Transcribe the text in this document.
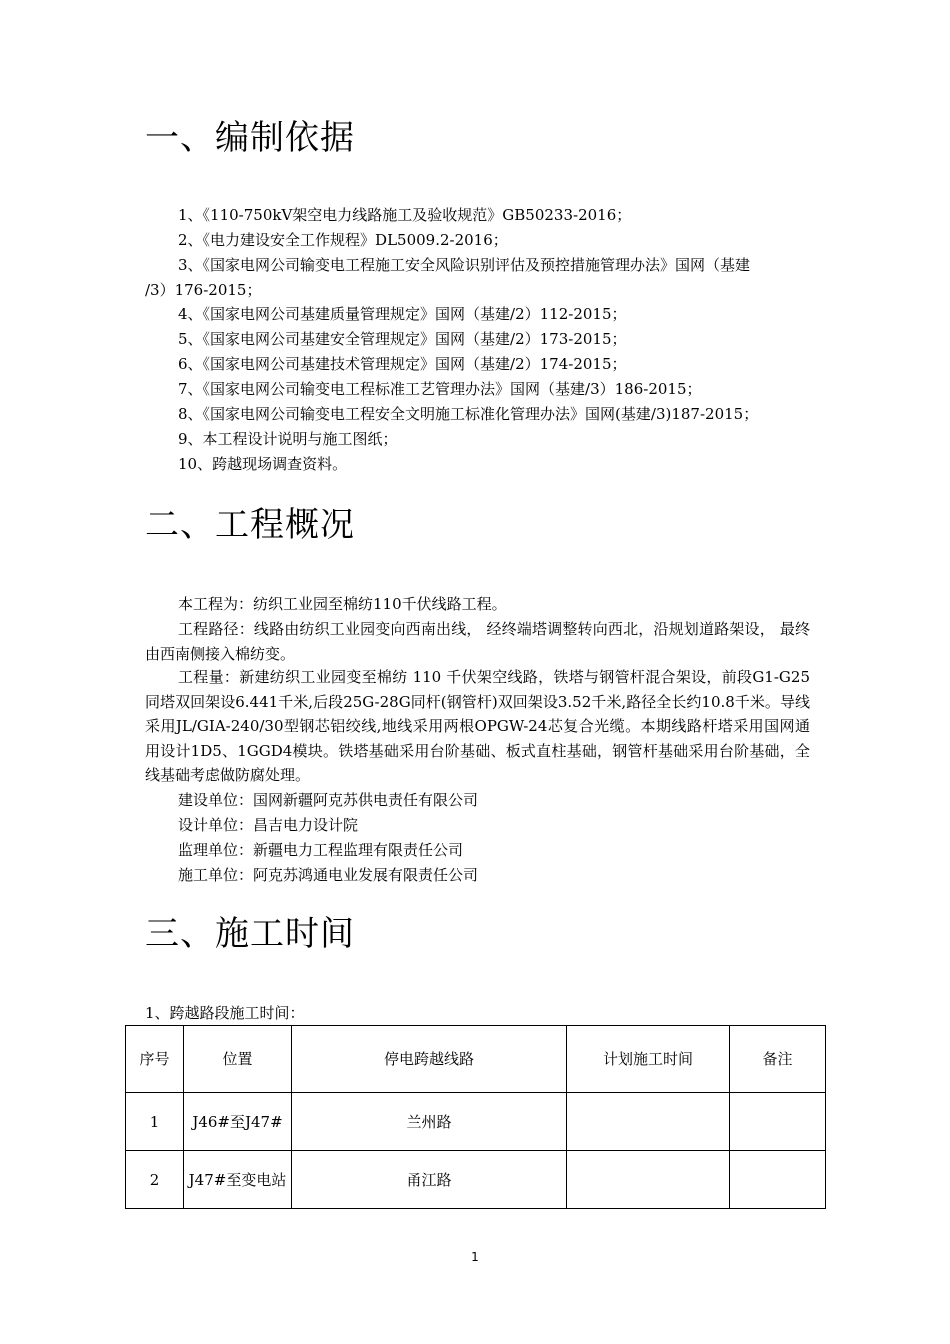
一、编制依据

1、《110-750kV架空电力线路施工及验收规范》GB50233-2016；

2、《电力建设安全工作规程》DL5009.2-2016；

3、《国家电网公司输变电工程施工安全风险识别评估及预控措施管理办法》国网（基建

/3）176-2015；

4、《国家电网公司基建质量管理规定》国网（基建/2）112-2015；

5、《国家电网公司基建安全管理规定》国网（基建/2）173-2015；

6、《国家电网公司基建技术管理规定》国网（基建/2）174-2015；

7、《国家电网公司输变电工程标准工艺管理办法》国网（基建/3）186-2015；

8、《国家电网公司输变电工程安全文明施工标准化管理办法》国网(基建/3)187-2015；

9、本工程设计说明与施工图纸；

10、跨越现场调查资料。

二、工程概况

本工程为：纺织工业园至棉纺110千伏线路工程。

工程路径：线路由纺织工业园变向西南出线， 经终端塔调整转向西北，沿规划道路架设， 最终由西南侧接入棉纺变。

工程量：新建纺织工业园变至棉纺 110 千伏架空线路，铁塔与钢管杆混合架设，前段G1-G25同塔双回架设6.441千米,后段25G-28G同杆(钢管杆)双回架设3.52千米,路径全长约10.8千米。导线采用JL/GIA-240/30型钢芯铝绞线,地线采用两根OPGW-24芯复合光缆。本期线路杆塔采用国网通用设计1D5、1GGD4模块。铁塔基础采用台阶基础、板式直柱基础，钢管杆基础采用台阶基础，全线基础考虑做防腐处理。

建设单位：国网新疆阿克苏供电责任有限公司

设计单位：昌吉电力设计院

监理单位：新疆电力工程监理有限责任公司

施工单位：阿克苏鸿通电业发展有限责任公司

三、施工时间

1、跨越路段施工时间：

序号	位置	停电跨越线路	计划施工时间	备注
1	J46#至J47#	兰州路		
2	J47#至变电站	甬江路		
1
